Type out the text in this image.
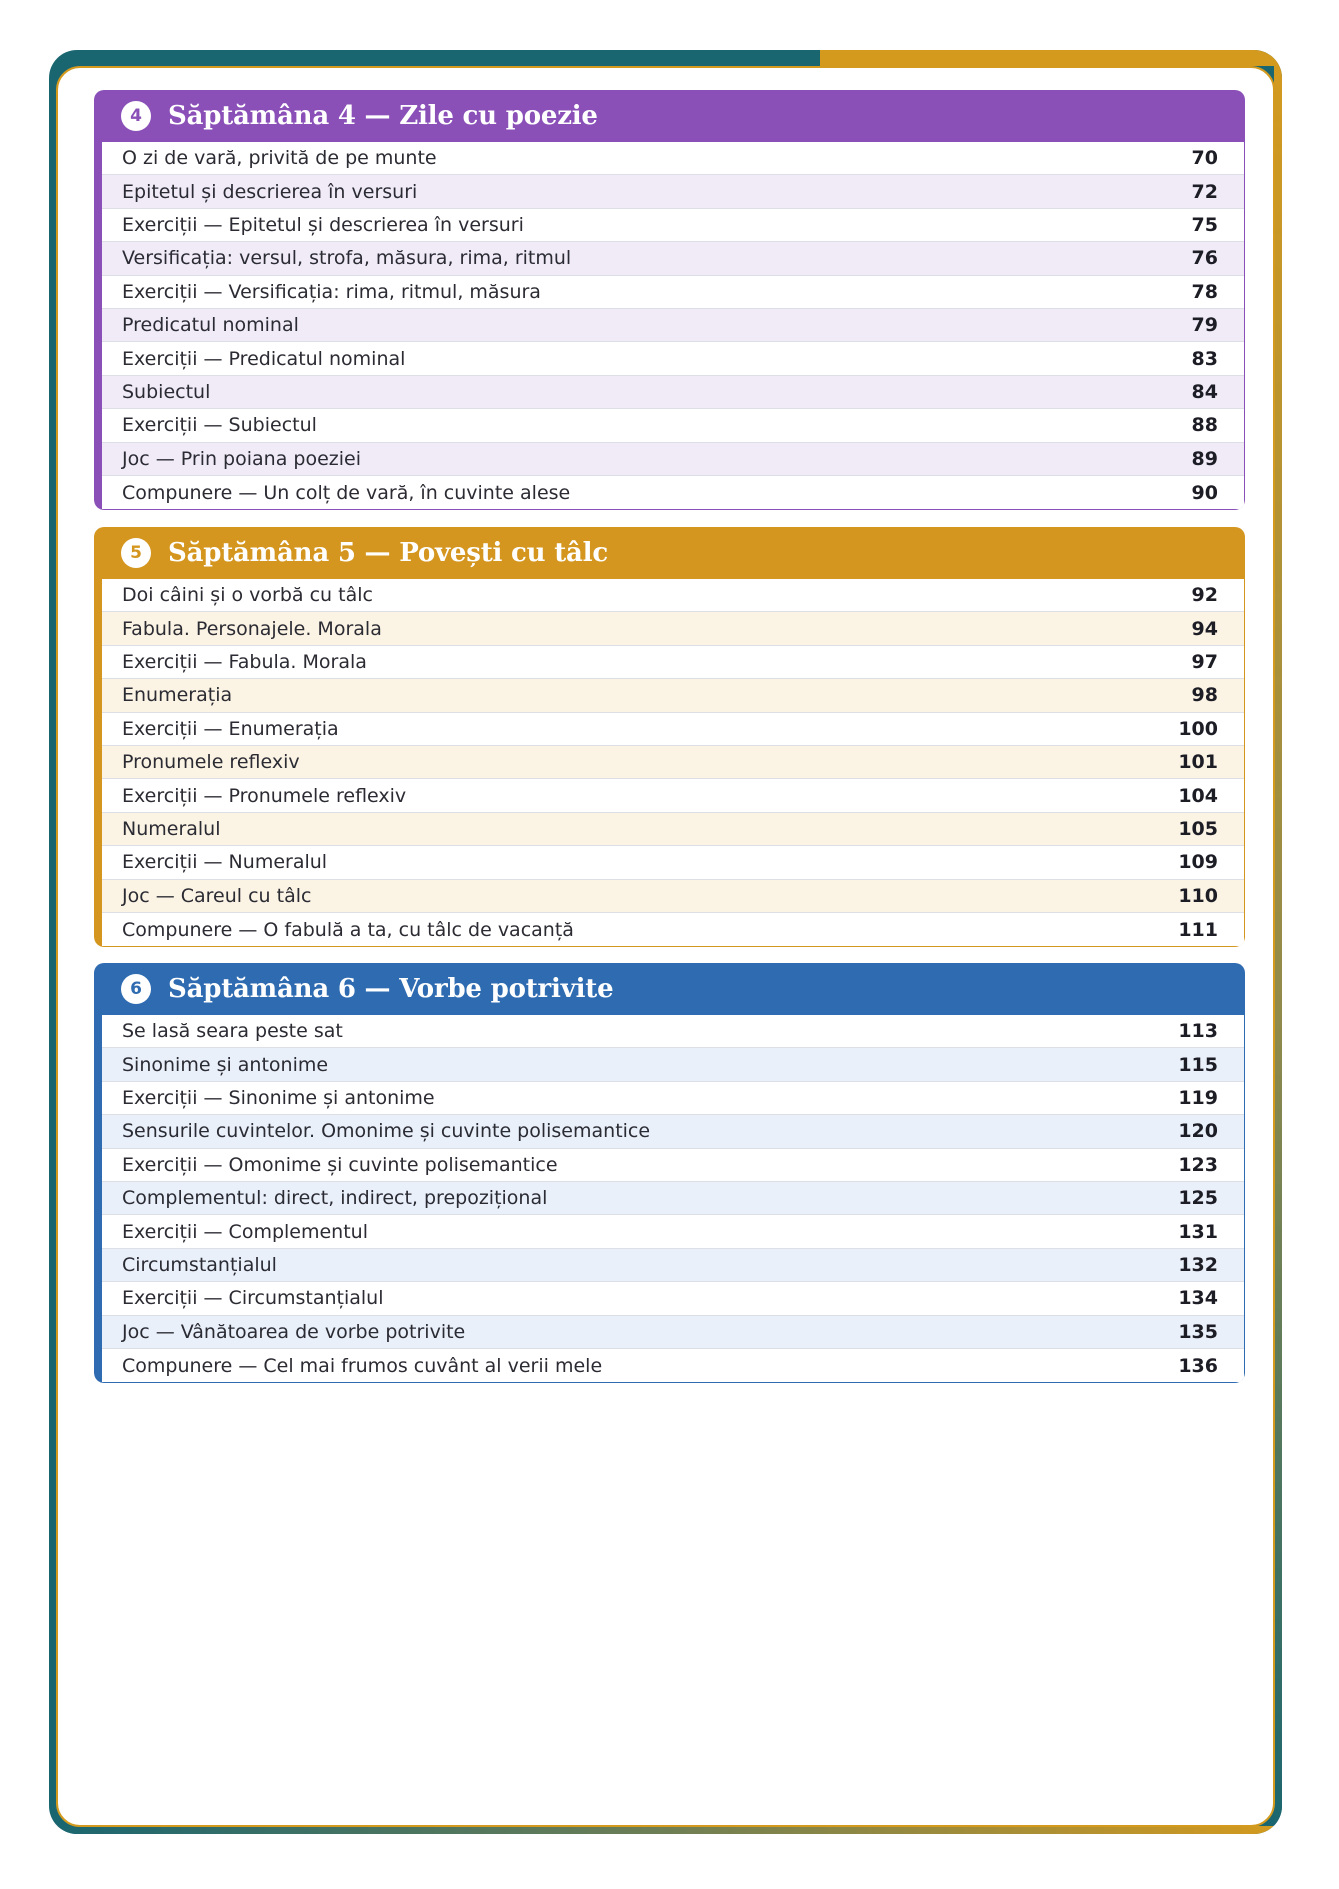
4	Săptămâna 4 — Zile cu poezie
O zi de vară, privită de pe munte	70
Epitetul și descrierea în versuri	72
Exerciții — Epitetul și descrierea în versuri	75
Versificația: versul, strofa, măsura, rima, ritmul	76
Exerciții — Versificația: rima, ritmul, măsura	78
Predicatul nominal	79
Exerciții — Predicatul nominal	83
Subiectul	84
Exerciții — Subiectul	88
Joc — Prin poiana poeziei	89
Compunere — Un colț de vară, în cuvinte alese	90
5	Săptămâna 5 — Povești cu tâlc
Doi câini și o vorbă cu tâlc	92
Fabula. Personajele. Morala	94
Exerciții — Fabula. Morala	97
Enumerația	98
Exerciții — Enumerația	100
Pronumele reflexiv	101
Exerciții — Pronumele reflexiv	104
Numeralul	105
Exerciții — Numeralul	109
Joc — Careul cu tâlc	110
Compunere — O fabulă a ta, cu tâlc de vacanță	111
6	Săptămâna 6 — Vorbe potrivite
Se lasă seara peste sat	113
Sinonime și antonime	115
Exerciții — Sinonime și antonime	119
Sensurile cuvintelor. Omonime și cuvinte polisemantice	120
Exerciții — Omonime și cuvinte polisemantice	123
Complementul: direct, indirect, prepozițional	125
Exerciții — Complementul	131
Circumstanțialul	132
Exerciții — Circumstanțialul	134
Joc — Vânătoarea de vorbe potrivite	135
Compunere — Cel mai frumos cuvânt al verii mele	136
